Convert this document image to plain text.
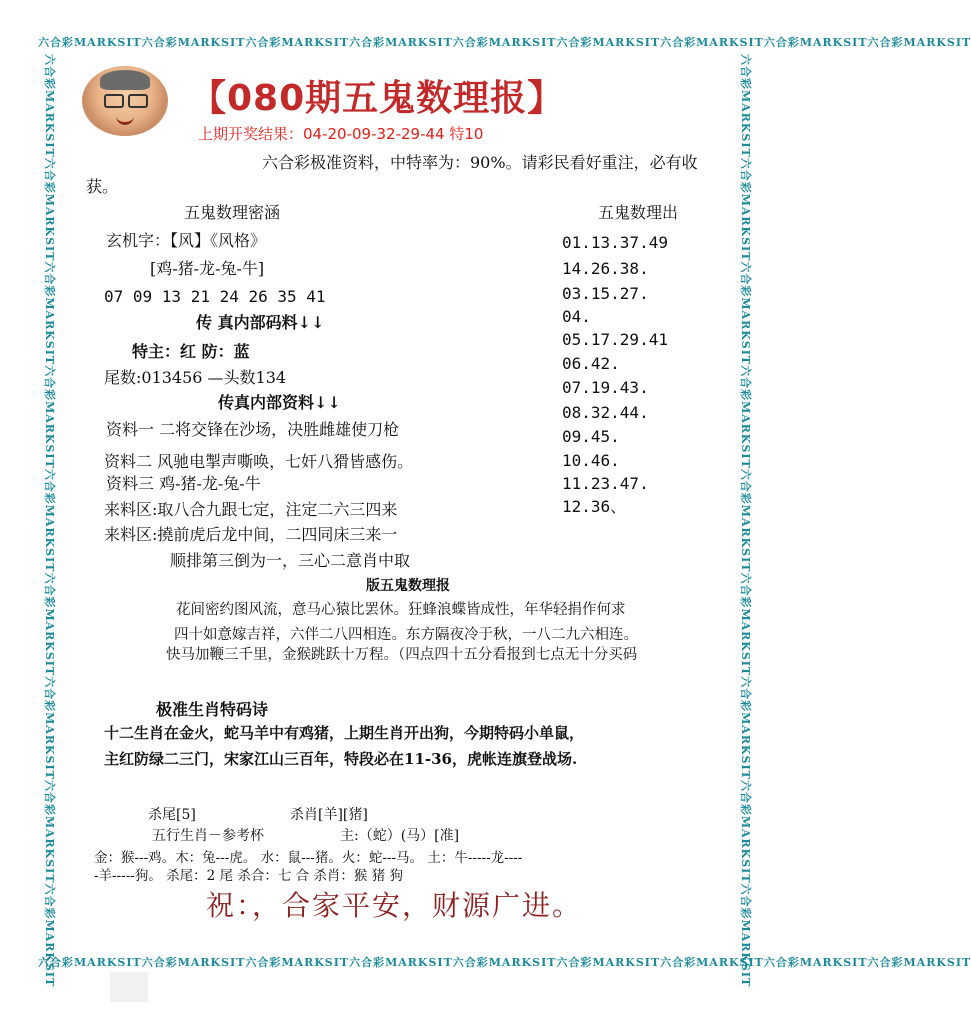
六合彩MARKSIT六合彩MARKSIT六合彩MARKSIT六合彩MARKSIT六合彩MARKSIT六合彩MARKSIT六合彩MARKSIT六合彩MARKSIT六合彩MARKSIT
六合彩MARKSIT六合彩MARKSIT六合彩MARKSIT六合彩MARKSIT六合彩MARKSIT六合彩MARKSIT六合彩MARKSIT六合彩MARKSIT六合彩MARKSIT
六合彩MARKSIT六合彩MARKSIT六合彩MARKSIT六合彩MARKSIT六合彩MARKSIT六合彩MARKSIT六合彩MARKSIT六合彩MARKSIT六合彩MARKSIT	六合彩MARKSIT六合彩MARKSIT六合彩MARKSIT六合彩MARKSIT六合彩MARKSIT六合彩MARKSIT六合彩MARKSIT六合彩MARKSIT六合彩MARKSIT
【080期五鬼数理报】
上期开奖结果：04-20-09-32-29-44 特10
六合彩极准资料，中特率为：90%。请彩民看好重注，必有收
获。
五鬼数理密涵
玄机字：【风】《风格》
[鸡-猪-龙-兔-牛]
07 09 13 21 24 26 35 41
传 真内部码料↓↓
特主：红 防：蓝
尾数:013456 —头数134
传真内部资料↓↓
资料一 二将交锋在沙场，决胜雌雄使刀枪
资料二 风驰电掣声嘶唤，七奸八猾皆感伤。
资料三 鸡-猪-龙-兔-牛
来料区:取八合九跟七定，注定二六三四来
来料区:撓前虎后龙中间，二四同床三来一
顺排第三倒为一，三心二意肖中取
五鬼数理出
01.13.37.49
14.26.38.
03.15.27.
04.
05.17.29.41
06.42.
07.19.43.
08.32.44.
09.45.
10.46.
11.23.47.
12.36、
版五鬼数理报
花间密约图风流，意马心猿比罢休。狂蜂浪蝶皆成性，年华轻捐作何求
四十如意嫁吉祥，六伴二八四相连。东方隔夜冷于秋，一八二九六相连。
快马加鞭三千里，金猴跳跃十万程。（四点四十五分看报到七点无十分买码
极准生肖特码诗
十二生肖在金火，蛇马羊中有鸡猪，上期生肖开出狗，今期特码小单鼠，
主红防绿二三门，宋家江山三百年，特段必在11-36，虎帐连旗登战场.
杀尾[5]	杀肖[羊][猪]
五行生肖－参考杯	主:（蛇）(马）[准]
金：猴---鸡。木：兔---虎。 水：鼠---猪。火：蛇---马。 土：牛-----龙----
-羊-----狗。 杀尾：2 尾 杀合：七 合 杀肖：猴 猪 狗
祝：，合家平安，财源广进。
